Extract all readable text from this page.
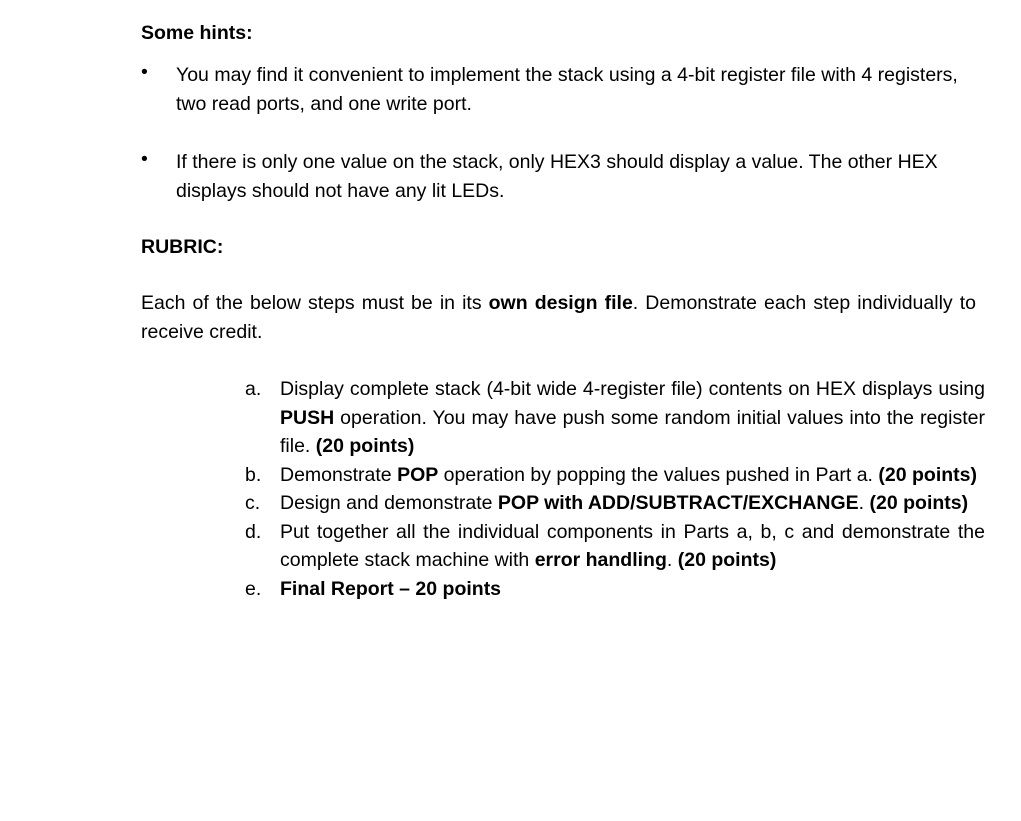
Some hints:
•	You may find it convenient to implement the stack using a 4-bit register file with 4 registers, two read ports, and one write port.
•	If there is only one value on the stack, only HEX3 should display a value. The other HEX displays should not have any lit LEDs.
RUBRIC:
Each of the below steps must be in its own design file. Demonstrate each step individually to receive credit.
a. Display complete stack (4-bit wide 4-register file) contents on HEX displays using PUSH operation. You may have push some random initial values into the register file. (20 points)
b. Demonstrate POP operation by popping the values pushed in Part a. (20 points)
c.	Design and demonstrate POP with ADD/SUBTRACT/EXCHANGE. (20 points)
d. Put together all the individual components in Parts a, b, c and demonstrate the complete stack machine with error handling. (20 points)
e. Final Report – 20 points
